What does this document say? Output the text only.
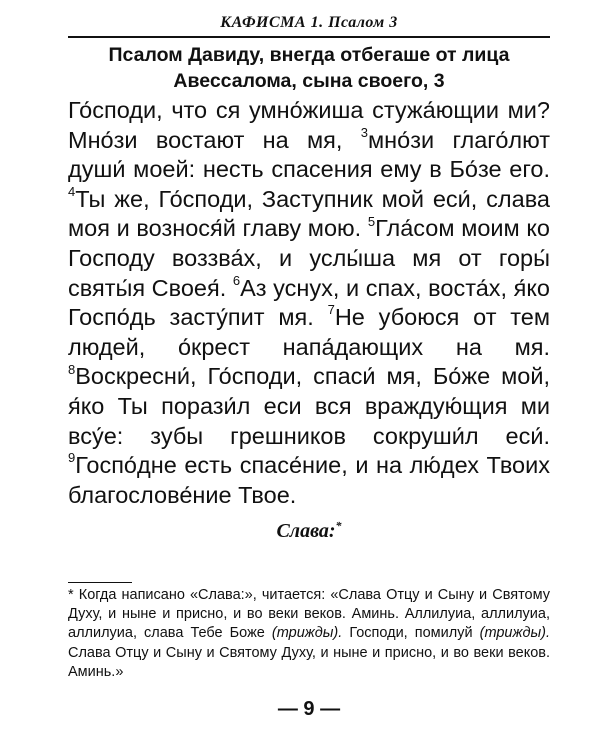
КАФИСМА 1. Псалом 3
Псалом Давиду, внегда отбегаше от лица
Авессалома, сына своего, 3

Го́споди, что ся умно́жиша стужа́ющии ми? Мно́зи востают на мя, $^3$мно́зи глаго́лют души́ моей: несть спасения ему в Бо́зе его. $^4$Ты же, Го́споди, Заступник мой еси́, слава моя и вознося́й главу мою. $^5$Гла́сом моим ко Господу воззва́х, и услы́ша мя от горы́ святы́я Своея́. $^6$Аз уснух, и спах, воста́х, я́ко Госпо́дь засту́пит мя. $^7$Не убоюся от тем людей, о́крест напа́дающих на мя. $^8$Воскресни́, Го́споди, спаси́ мя, Бо́же мой, я́ко Ты порази́л еси вся враждую́щия ми всу́е: зубы грешников сокруши́л еси́. $^9$Госпо́дне есть спасе́ние, и на лю́дех Твоих благослове́ние Твое.

Слава:*

* Когда написано «Слава:», читается: «Слава Отцу и Сыну и Святому Духу, и ныне и присно, и во веки веков. Аминь. Аллилуиа, аллилуиа, аллилуиа, слава Тебе Боже (трижды). Господи, помилуй (трижды). Слава Отцу и Сыну и Святому Духу, и ныне и присно, и во веки веков. Аминь.»

— 9 —
